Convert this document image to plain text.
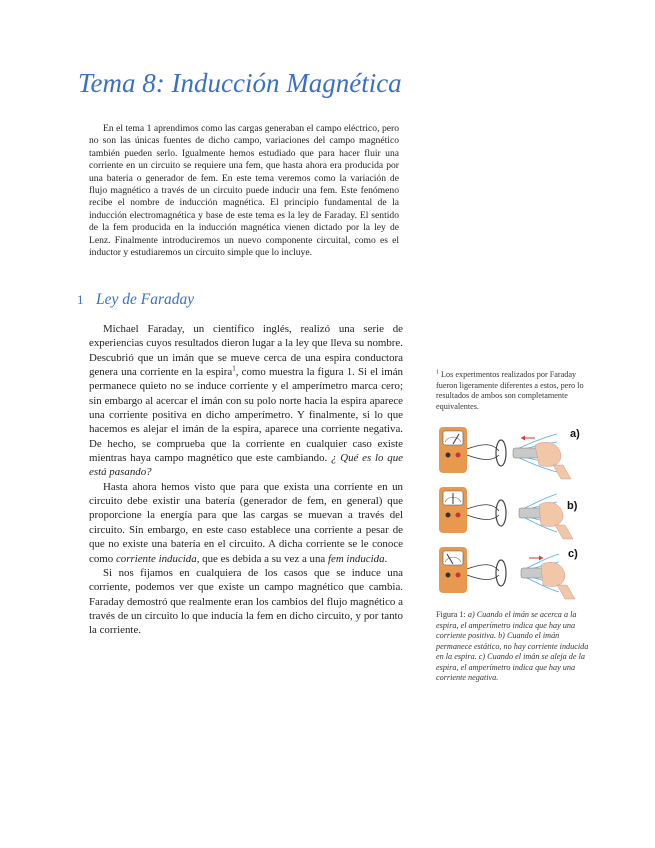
Tema 8: Inducción Magnética

En el tema 1 aprendimos como las cargas generaban el campo eléctrico, pero no son las únicas fuentes de dicho campo, variaciones del campo magnético también pueden serlo. Igualmente hemos estudiado que para hacer fluir una corriente en un circuito se requiere una fem, que hasta ahora era producida por una batería o generador de fem. En este tema veremos como la variación de flujo magnético a través de un circuito puede inducir una fem. Este fenómeno recibe el nombre de inducción magnética. El principio fundamental de la inducción electromagnética y base de este tema es la ley de Faraday. El sentido de la fem producida en la inducción magnética vienen dictado por la ley de Lenz. Finalmente introduciremos un nuevo componente circuital, como es el inductor y estudiaremos un circuito simple que lo incluye.

1 Ley de Faraday

Michael Faraday, un científico inglés, realizó una serie de experiencias cuyos resultados dieron lugar a la ley que lleva su nombre. Descubrió que un imán que se mueve cerca de una espira conductora genera una corriente en la espira$^1$, como muestra la figura 1. Si el imán permanece quieto no se induce corriente y el amperímetro marca cero; sin embargo al acercar el imán con su polo norte hacia la espira aparece una corriente positiva en dicho amperímetro. Y finalmente, si lo que hacemos es alejar el imán de la espira, aparece una corriente negativa. De hecho, se comprueba que la corriente en cualquier caso existe mientras haya campo magnético que este cambiando. ¿ Qué es lo que está pasando?

Hasta ahora hemos visto que para que exista una corriente en un circuito debe existir una batería (generador de fem, en general) que proporcione la energía para que las cargas se muevan a través del circuito. Sin embargo, en este caso establece una corriente a pesar de que no existe una batería en el circuito. A dicha corriente se le conoce como corriente inducida, que es debida a su vez a una fem inducida.

Si nos fijamos en cualquiera de los casos que se induce una corriente, podemos ver que existe un campo magnético que cambia. Faraday demostró que realmente eran los cambios del flujo magnético a través de un circuito lo que inducía la fem en dicho circuito, y por tanto la corriente.

$^1$ Los experimentos realizados por Faraday fueron ligeramente diferentes a estos, pero lo resultados de ambos son completamente equivalentes.

a)
b)
c)

Figura 1: a) Cuando el imán se acerca a la espira, el amperímetro indica que hay una corriente positiva. b) Cuando el imán permanece estático, no hay corriente inducida en la espira. c) Cuando el imán se aleja de la espira, el amperímetro indica que hay una corriente negativa.
